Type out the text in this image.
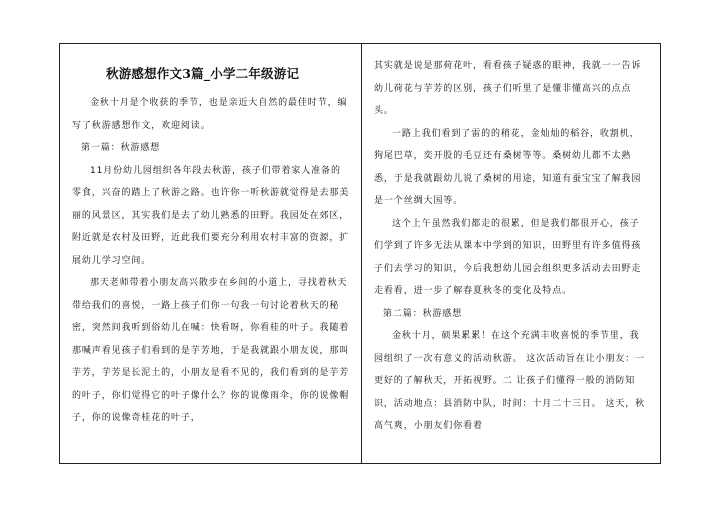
秋游感想作文3篇_小学二年级游记

金秋十月是个收获的季节，也是亲近大自然的最佳时节，编写了秋游感想作文，欢迎阅读。

第一篇：秋游感想

11月份幼儿园组织各年段去秋游，孩子们带着家人准备的零食，兴奋的踏上了秋游之路。也许你一听秋游就觉得是去那美丽的风景区，其实我们是去了幼儿熟悉的田野。我园处在郊区，附近就是农村及田野，近此我们要充分利用农村丰富的资源，扩展幼儿学习空间。

那天老师带着小朋友高兴散步在乡间的小道上，寻找着秋天带给我们的喜悦，一路上孩子们你一句我一句讨论着秋天的秘密，突然间我听到俗幼儿在喊：快看呀，你看桂的叶子。我随着那喊声看见孩子们看到的是芋芳地，于是我就跟小朋友说，那叫芋芳，芋芳是长泥土的，小朋友是看不见的，我们看到的是芋芳的叶子，你们觉得它的叶子像什么？你的说像雨伞，你的说像帽子，你的说像奇桂花的叶子，

其实就是说是那荷花叶，看看孩子疑惑的眼神，我就一一告诉幼儿荷花与芋芳的区别，孩子们听里了是懂非懂高兴的点点头。

一路上我们看到了雷的的稍花，金灿灿的稻谷，收割机，狗尾巴草，奕开股的毛豆还有桑树等等。桑树幼儿都不太熟悉，于是我就跟幼儿说了桑树的用途，知道有蚕宝宝了解我园是一个丝绸大国等。

这个上午虽然我们都走的很累，但是我们都很开心，孩子们学到了许多无法从课本中学到的知识，田野里有许多值得孩子们去学习的知识，今后我想幼儿园会组织更多活动去田野走走看看，进一步了解春夏秋冬的变化及特点。

第二篇：秋游感想

金秋十月，硕果累累！在这个充满丰收喜悦的季节里，我园组织了一次有意义的活动秋游。 这次活动旨在让小朋友：一 更好的了解秋天，开拓视野。二 让孩子们懂得一般的消防知识，活动地点：县消防中队，时间：十月二十三日。 这天，秋高气爽，小朋友们你看着
